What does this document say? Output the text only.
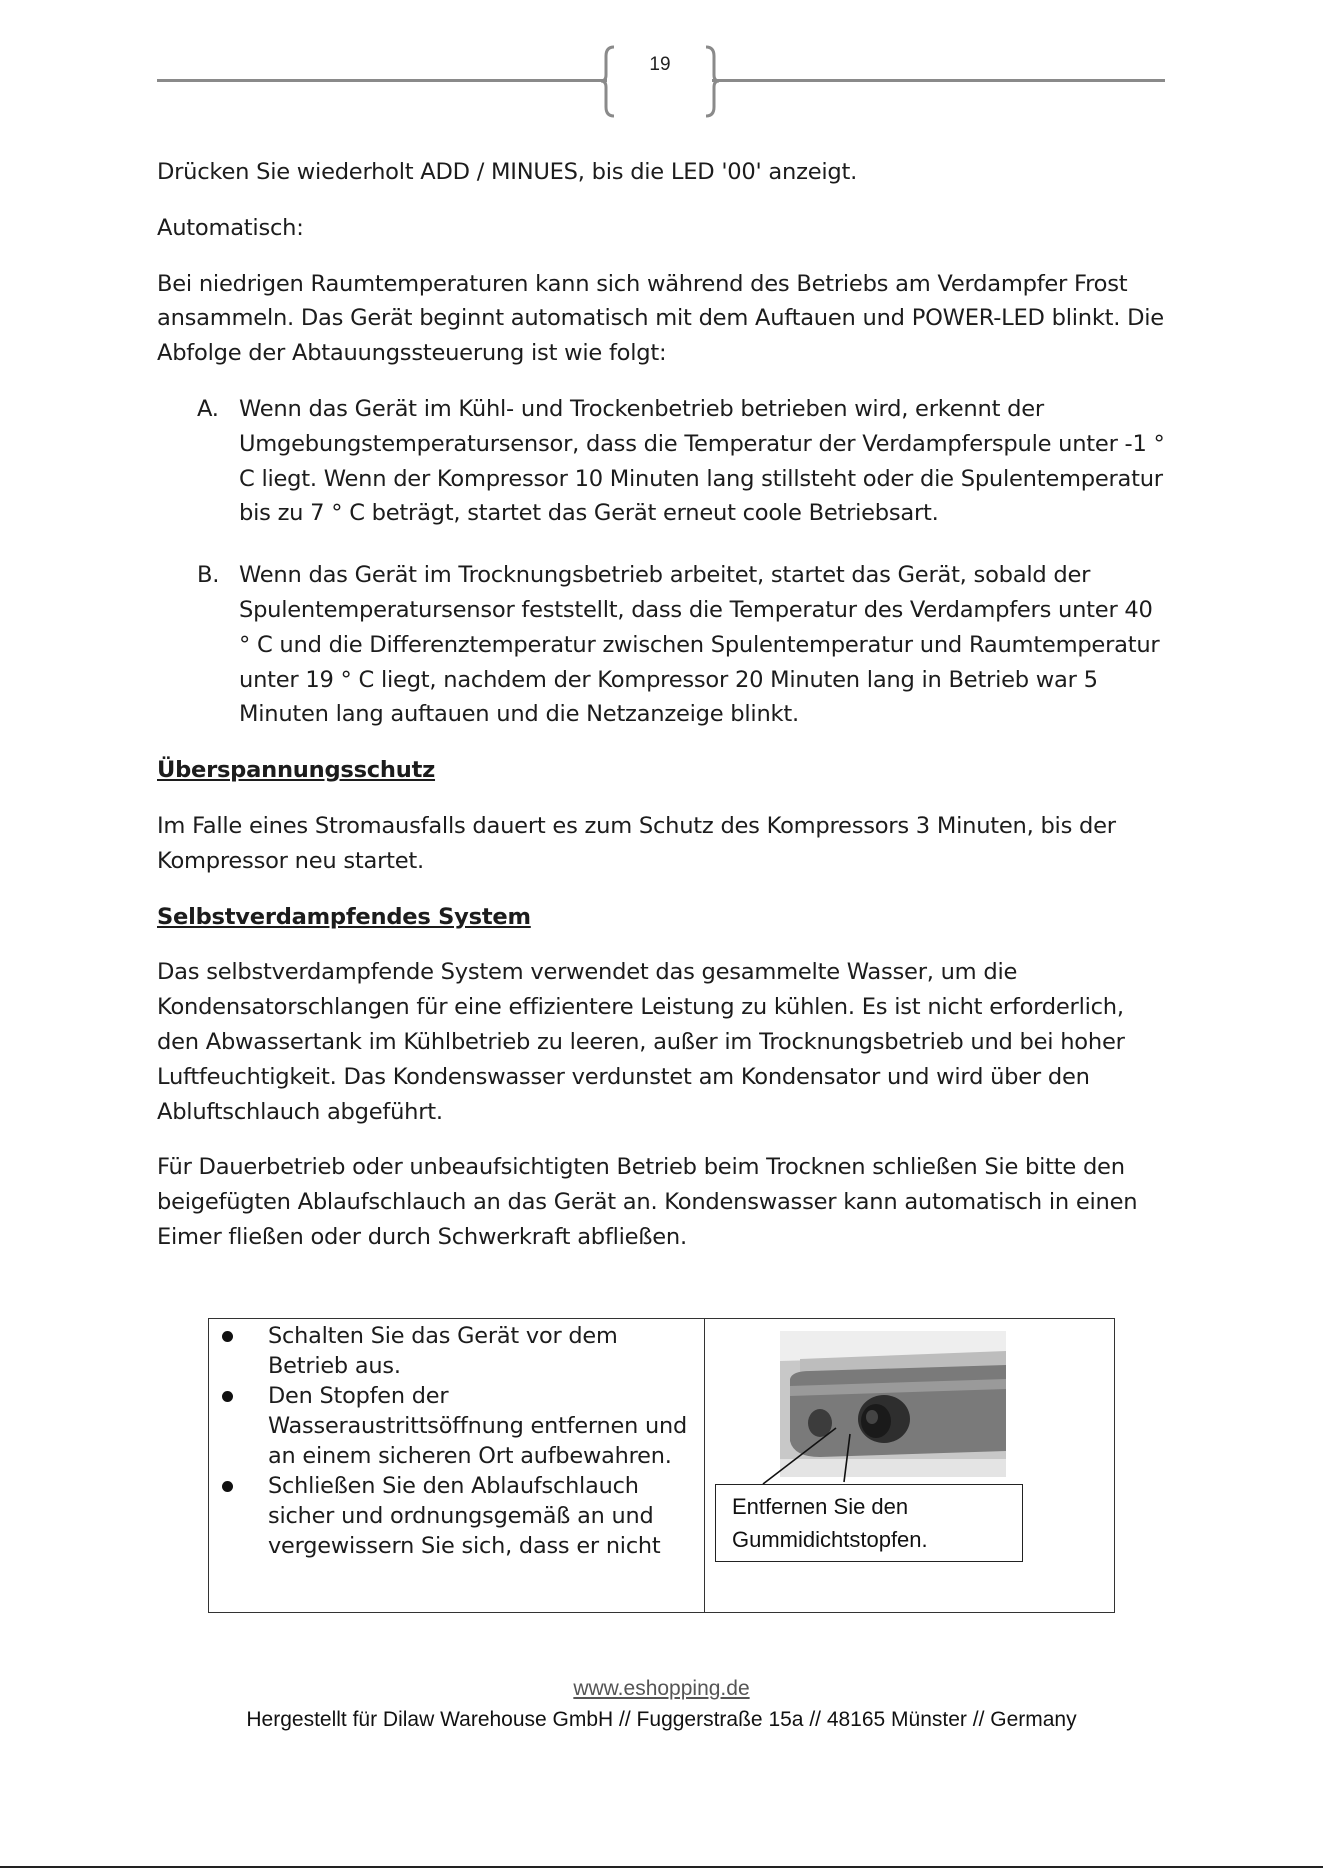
19

Drücken Sie wiederholt ADD / MINUES, bis die LED '00' anzeigt.

Automatisch:

Bei niedrigen Raumtemperaturen kann sich während des Betriebs am Verdampfer Frost ansammeln. Das Gerät beginnt automatisch mit dem Auftauen und POWER-LED blinkt. Die Abfolge der Abtauungssteuerung ist wie folgt:

A. Wenn das Gerät im Kühl- und Trockenbetrieb betrieben wird, erkennt der Umgebungstemperatursensor, dass die Temperatur der Verdampferspule unter -1 ° C liegt. Wenn der Kompressor 10 Minuten lang stillsteht oder die Spulentemperatur bis zu 7 ° C beträgt, startet das Gerät erneut coole Betriebsart.
B. Wenn das Gerät im Trocknungsbetrieb arbeitet, startet das Gerät, sobald der Spulentemperatursensor feststellt, dass die Temperatur des Verdampfers unter 40 ° C und die Differenztemperatur zwischen Spulentemperatur und Raumtemperatur unter 19 ° C liegt, nachdem der Kompressor 20 Minuten lang in Betrieb war 5 Minuten lang auftauen und die Netzanzeige blinkt.
Überspannungsschutz

Im Falle eines Stromausfalls dauert es zum Schutz des Kompressors 3 Minuten, bis der Kompressor neu startet.

Selbstverdampfendes System

Das selbstverdampfende System verwendet das gesammelte Wasser, um die Kondensatorschlangen für eine effizientere Leistung zu kühlen. Es ist nicht erforderlich, den Abwassertank im Kühlbetrieb zu leeren, außer im Trocknungsbetrieb und bei hoher Luftfeuchtigkeit. Das Kondenswasser verdunstet am Kondensator und wird über den Abluftschlauch abgeführt.

Für Dauerbetrieb oder unbeaufsichtigten Betrieb beim Trocknen schließen Sie bitte den beigefügten Ablaufschlauch an das Gerät an. Kondenswasser kann automatisch in einen Eimer fließen oder durch Schwerkraft abfließen.

Schalten Sie das Gerät vor dem Betrieb aus.
Den Stopfen der Wasseraustrittsöffnung entfernen und an einem sicheren Ort aufbewahren.
Schließen Sie den Ablaufschlauch sicher und ordnungsgemäß an und vergewissern Sie sich, dass er nicht
Entfernen Sie den
Gummidichtstopfen.
www.eshopping.de
Hergestellt für Dilaw Warehouse GmbH // Fuggerstraße 15a // 48165 Münster // Germany
